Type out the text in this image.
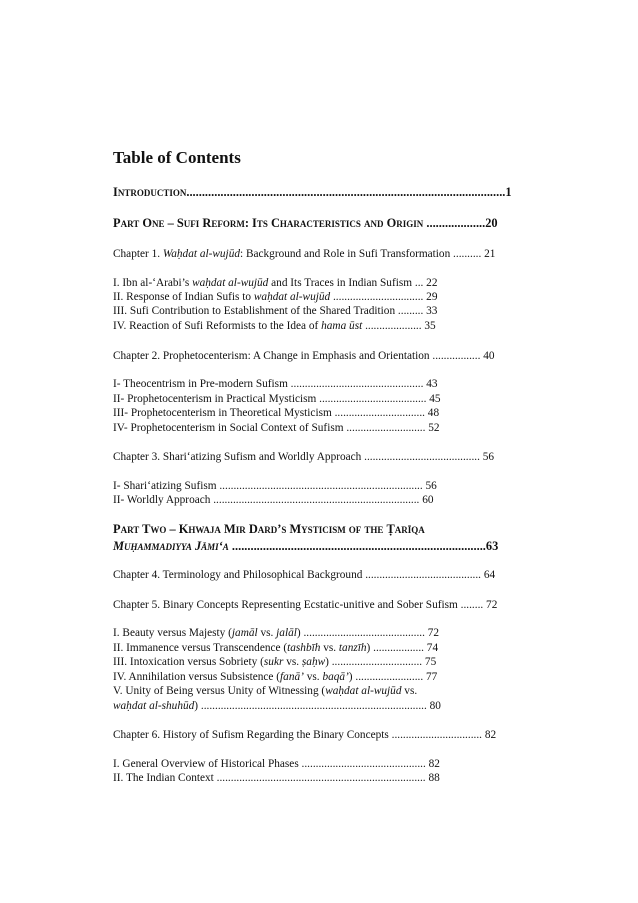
Table of Contents
Introduction.......................................................................................................1
Part One – Sufi Reform: Its Characteristics and Origin ...................20
Chapter 1. Waḥdat al-wujūd: Background and Role in Sufi Transformation .......... 21
I. Ibn al-‘Arabi’s waḥdat al-wujūd and Its Traces in Indian Sufism ... 22
II. Response of Indian Sufis to waḥdat al-wujūd ................................ 29
III. Sufi Contribution to Establishment of the Shared Tradition ......... 33
IV. Reaction of Sufi Reformists to the Idea of hama ūst .................... 35
Chapter 2. Prophetocenterism: A Change in Emphasis and Orientation ................. 40
I- Theocentrism in Pre-modern Sufism ............................................... 43
II- Prophetocenterism in Practical Mysticism ...................................... 45
III- Prophetocenterism in Theoretical Mysticism ................................ 48
IV- Prophetocenterism in Social Context of Sufism ............................ 52
Chapter 3. Shari‘atizing Sufism and Worldly Approach ......................................... 56
I- Shari‘atizing Sufism ........................................................................ 56
II- Worldly Approach ......................................................................... 60
Part Two – Khwaja Mir Dard’s Mysticism of the Ṭarīqa
Muḥammadiyya Jāmi‘a ..................................................................................63
Chapter 4. Terminology and Philosophical Background ......................................... 64
Chapter 5. Binary Concepts Representing Ecstatic-unitive and Sober Sufism ........ 72
I. Beauty versus Majesty (jamāl vs. jalāl) ........................................... 72
II. Immanence versus Transcendence (tashbīh vs. tanzīh) .................. 74
III. Intoxication versus Sobriety (sukr vs. ṣaḥw) ................................ 75
IV. Annihilation versus Subsistence (fanā’ vs. baqā’) ........................ 77
V. Unity of Being versus Unity of Witnessing (waḥdat al-wujūd vs.
waḥdat al-shuhūd) ................................................................................ 80
Chapter 6. History of Sufism Regarding the Binary Concepts ................................ 82
I. General Overview of Historical Phases ............................................ 82
II. The Indian Context .......................................................................... 88
